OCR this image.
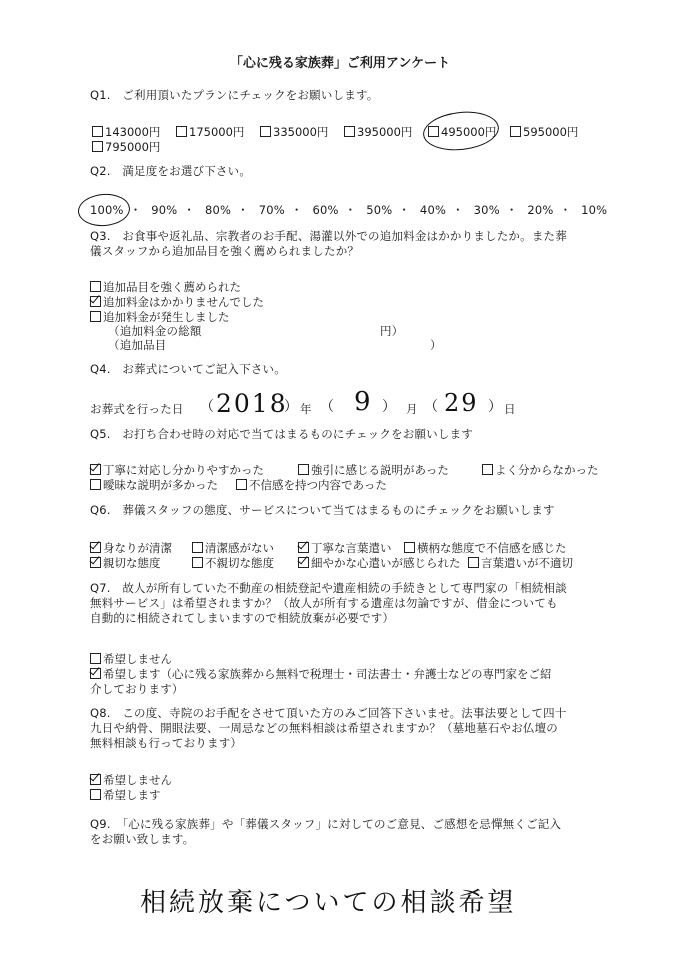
「心に残る家族葬」ご利用アンケート
Q1.　ご利用頂いたプランにチェックをお願いします。
143000円	175000円	335000円	395000円	495000円	595000円
795000円
Q2.　満足度をお選び下さい。
100% ・ 90% ・ 80% ・ 70% ・ 60% ・ 50% ・ 40% ・ 30% ・ 20% ・ 10%
Q3.　お食事や返礼品、宗教者のお手配、湯灌以外での追加料金はかかりましたか。また葬
儀スタッフから追加品目を強く薦められましたか？
追加品目を強く薦められた
追加料金はかかりませんでした
追加料金が発生しました
（追加料金の総額	円）
（追加品目	）
Q4.　お葬式についてご記入下さい。
お葬式を行った日 （ 2018
） 年 （ 9 ） 月 （ 29 ） 日
Q5.　お打ち合わせ時の対応で当てはまるものにチェックをお願いします
丁寧に対応し分かりやすかった	強引に感じる説明があった	よく分からなかった
曖昧な説明が多かった	不信感を持つ内容であった
Q6.　葬儀スタッフの態度、サービスについて当てはまるものにチェックをお願いします
身なりが清潔	清潔感がない	丁寧な言葉遣い	横柄な態度で不信感を感じた
親切な態度	不親切な態度	細やかな心遣いが感じられた	言葉遣いが不適切
Q7.　故人が所有していた不動産の相続登記や遺産相続の手続きとして専門家の「相続相談
無料サービス」は希望されますか？（故人が所有する遺産は勿論ですが、借金についても
自動的に相続されてしまいますので相続放棄が必要です）
希望しません
希望します（心に残る家族葬から無料で税理士・司法書士・弁護士などの専門家をご紹
介しております）
Q8.　この度、寺院のお手配をさせて頂いた方のみご回答下さいませ。法事法要として四十
九日や納骨、開眼法要、一周忌などの無料相談は希望されますか？（墓地墓石やお仏壇の
無料相談も行っております）
希望しません
希望します
Q9.　「心に残る家族葬」や「葬儀スタッフ」に対してのご意見、ご感想を忌憚無くご記入
をお願い致します。
相続放棄についての相談希望
